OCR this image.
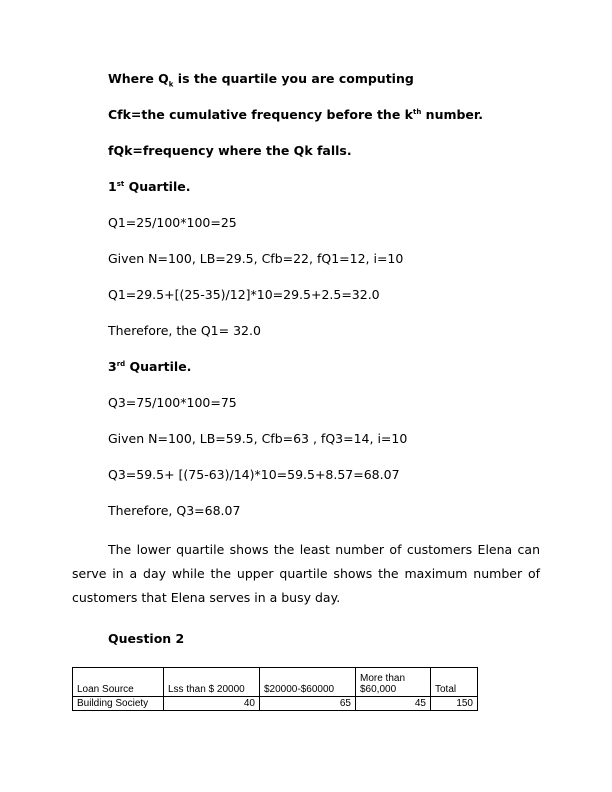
Where $Q_k$ is the quartile you are computing
Cfk=the cumulative frequency before the $k^{th}$ number.
fQk=frequency where the Qk falls.
1st Quartile.
Q1=25/100*100=25
Given N=100, LB=29.5, Cfb=22, fQ1=12, i=10
Q1=29.5+[(25-35)/12]*10=29.5+2.5=32.0
Therefore, the Q1= 32.0
3rd Quartile.
Q3=75/100*100=75
Given N=100, LB=59.5, Cfb=63 , fQ3=14, i=10
Q3=59.5+ [(75-63)/14)*10=59.5+8.57=68.07
Therefore, Q3=68.07
The lower quartile shows the least number of customers Elena can serve in a day while the upper quartile shows the maximum number of customers that Elena serves in a busy day.
Question 2
Loan Source	Lss than $ 20000	$20000-$60000	More than $60,000	Total
Building Society	40	65	45	150
